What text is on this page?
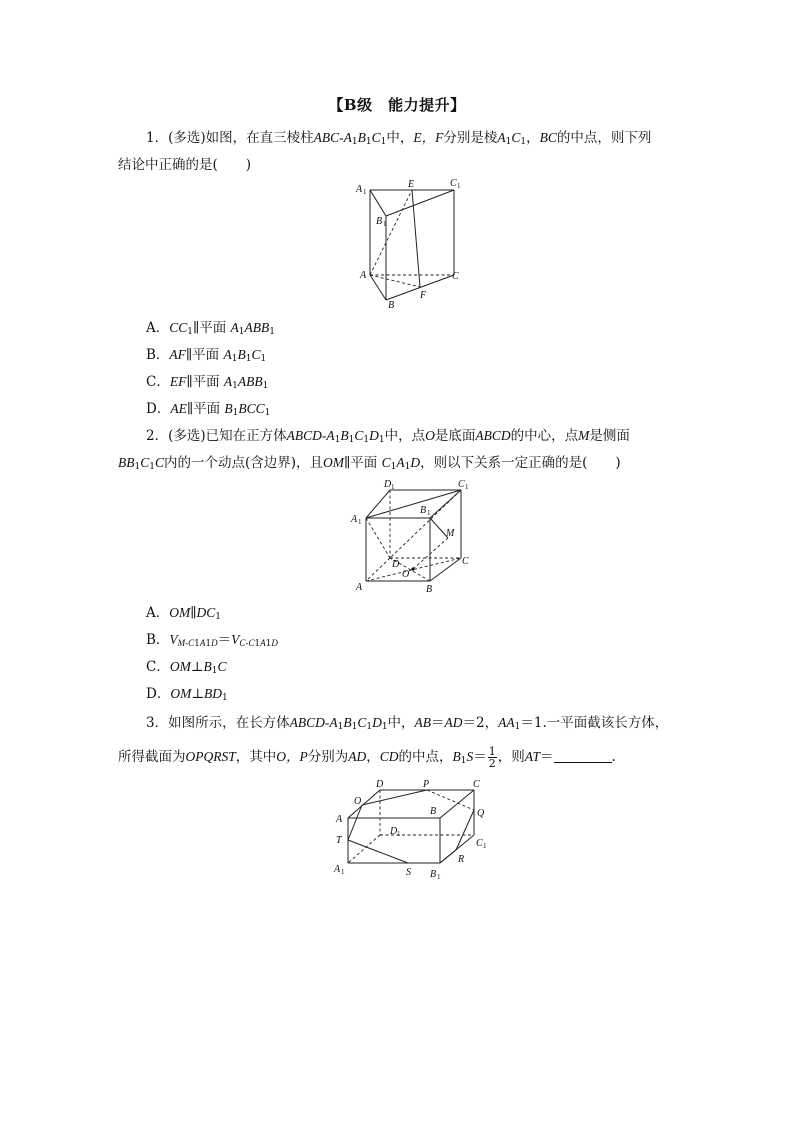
【B级　能力提升】
1．(多选)如图，在直三棱柱ABC-$A_1B_1C_1$中，E，F分别是棱$A_1C_1$，BC的中点，则下列
结论中正确的是( )
A 1
E	C 1
B 1
A	C
F
B
A．$CC_1\parallel$平面 $A_1ABB_1$
B．AF∥平面 $A_1B_1C_1$
C．EF∥平面 $A_1ABB_1$
D．AE∥平面 $B_1BCC_1$
2．(多选)已知在正方体ABCD-$A_1B_1C_1D_1$中，点O是底面ABCD的中心，点M是侧面
$BB_1C_1C$内的一个动点(含边界)，且OM∥平面 $C_1A_1D$，则以下关系一定正确的是( )
D 1	C 1
A 1
B 1
M
D	C
O
A	B
A．$OM\parallel DC_1$
B．$V_{M-C1A1D}=V_{C-C1A1D}$
C．$OM\perp B_1C$
D．$OM\perp BD_1$
3．如图所示，在长方体ABCD-$A_1B_1C_1D_1$中，AB＝AD＝2，$AA_1=1$.一平面截该长方体，
所得截面为OPQRST，其中O，P分别为AD，CD的中点，$B_1S= \frac{1}{2}$ ，则AT＝	.
D	P	C
O
A
B	Q
D 1
T	C 1
R
A 1	S B 1
